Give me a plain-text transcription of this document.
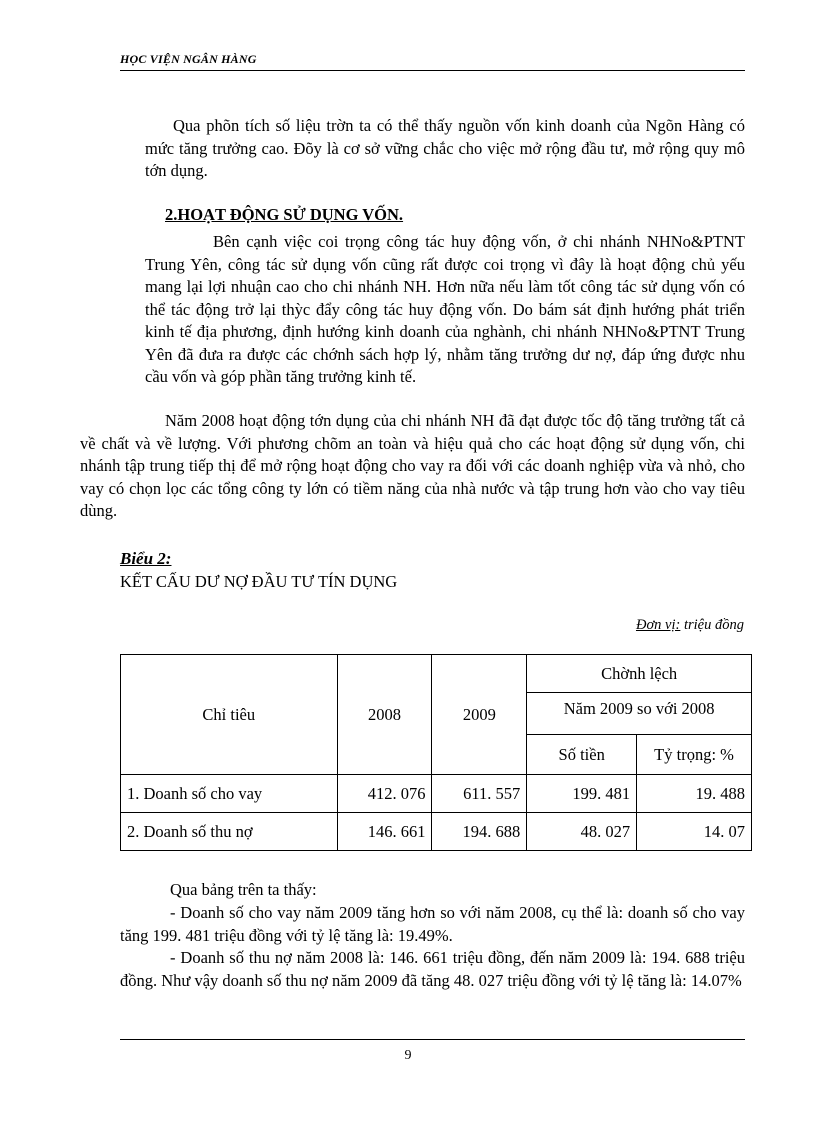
HỌC VIỆN NGÂN HÀNG

Qua phõn tích số liệu trờn ta có thể thấy nguồn vốn kinh doanh của Ngõn Hàng có mức tăng trưởng cao. Đõy là cơ sở vững chắc cho việc mở rộng đầu tư, mở rộng quy mô tớn dụng.

2.HOẠT ĐỘNG SỬ DỤNG VỐN.

Bên cạnh việc coi trọng công tác huy động vốn, ở chi nhánh NHNo&PTNT Trung Yên, công tác sử dụng vốn cũng rất được coi trọng vì đây là hoạt động chủ yếu mang lại lợi nhuận cao cho chi nhánh NH. Hơn nữa nếu làm tốt công tác sử dụng vốn có thể tác động trở lại thỳc đẩy công tác huy động vốn. Do bám sát định hướng phát triển kinh tế địa phương, định hướng kinh doanh của nghành, chi nhánh NHNo&PTNT Trung Yên đã đưa ra được các chớnh sách hợp lý, nhằm tăng trưởng dư nợ, đáp ứng được nhu cầu vốn và góp phần tăng trưởng kinh tế.

Năm 2008 hoạt động tớn dụng của chi nhánh NH đã đạt được tốc độ tăng trưởng tất cả về chất và về lượng. Với phương chõm an toàn và hiệu quả cho các hoạt động sử dụng vốn, chi nhánh tập trung tiếp thị để mở rộng hoạt động cho vay ra đối với các doanh nghiệp vừa và nhỏ, cho vay có chọn lọc các tổng công ty lớn có tiềm năng của nhà nước và tập trung hơn vào cho vay tiêu dùng.

Biểu 2:
KẾT CẤU DƯ NỢ ĐẦU TƯ TÍN DỤNG
Đơn vị: triệu đồng
Chỉ tiêu	2008	2009	Chờnh lệch	
			Năm 2009 so với 2008	
			Số tiền	Tỷ trọng: %
1. Doanh số cho vay	412. 076	611. 557	199. 481	19. 488
2. Doanh số thu nợ	146. 661	194. 688	48. 027	14. 07

Qua bảng trên ta thấy:

- Doanh số cho vay năm 2009 tăng hơn so với năm 2008, cụ thể là: doanh số cho vay tăng 199. 481 triệu đồng với tỷ lệ tăng là: 19.49%.

- Doanh số thu nợ năm 2008 là: 146. 661 triệu đồng, đến năm 2009 là: 194. 688 triệu đồng. Như vậy doanh số thu nợ năm 2009 đã tăng 48. 027 triệu đồng với tỷ lệ tăng là: 14.07%

9
